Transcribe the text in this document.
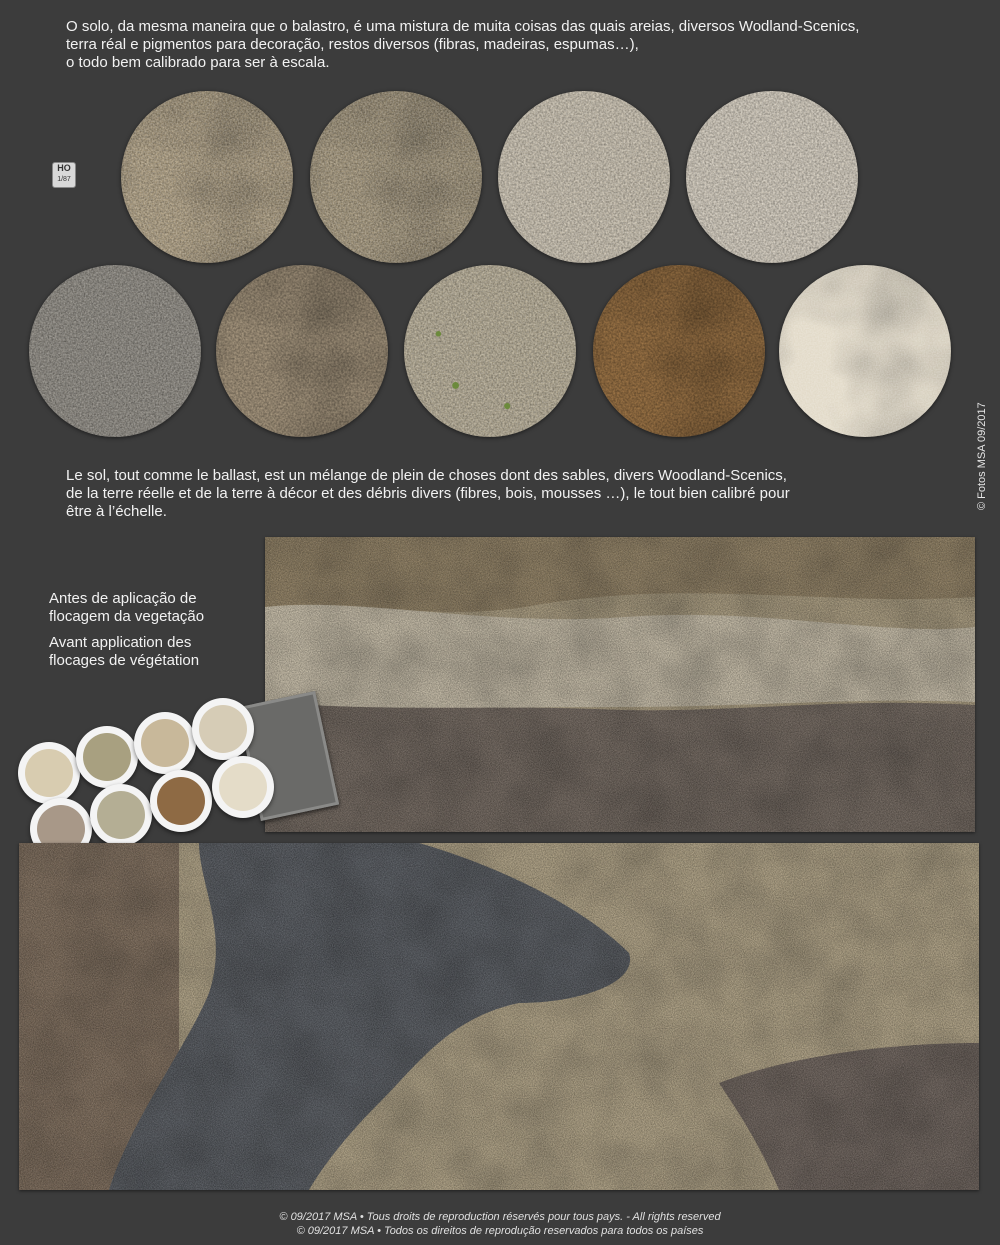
O solo, da mesma maneira que o balastro, é uma mistura de muita coisas das quais areias, diversos Wodland-Scenics,

terra réal e pigmentos para decoração, restos diversos (fibras, madeiras, espumas…),

o todo bem calibrado para ser à escala.

HO
1/87
© Fotos MSA 09/2017

Le sol, tout comme le ballast, est un mélange de plein de choses dont des sables, divers Woodland-Scenics,

de la terre réelle et de la terre à décor et des débris divers (fibres, bois, mousses …), le tout bien calibré pour

être à l’échelle.

Antes de aplicação de
flocagem da vegetação

Avant application des
flocages de végétation

© 09/2017 MSA • Tous droits de reproduction réservés pour tous pays. - All rights reserved
© 09/2017 MSA • Todos os direitos de reprodução reservados para todos os países
